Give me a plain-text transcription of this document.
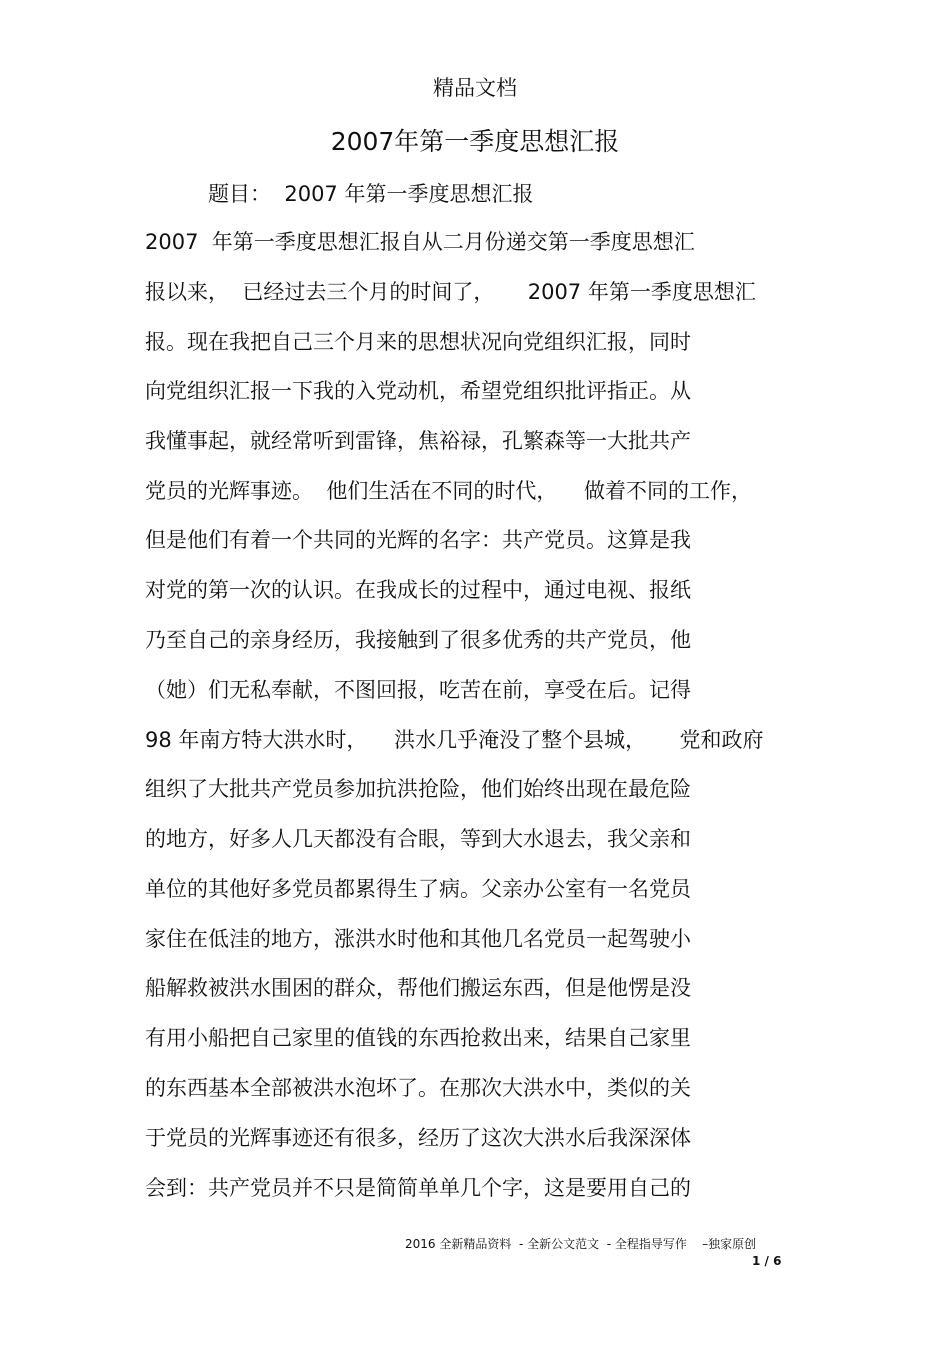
精品文档
2007年第一季度思想汇报
题目：  2007 年第一季度思想汇报
2007  年第一季度思想汇报自从二月份递交第一季度思想汇
报以来，  已经过去三个月的时间了，     2007 年第一季度思想汇
报。现在我把自己三个月来的思想状况向党组织汇报，同时
向党组织汇报一下我的入党动机，希望党组织批评指正。从
我懂事起，就经常听到雷锋，焦裕禄，孔繁森等一大批共产
党员的光辉事迹。  他们生活在不同的时代，    做着不同的工作，
但是他们有着一个共同的光辉的名字：共产党员。这算是我
对党的第一次的认识。在我成长的过程中，通过电视、报纸
乃至自己的亲身经历，我接触到了很多优秀的共产党员，他
（她）们无私奉献，不图回报，吃苦在前，享受在后。记得
98 年南方特大洪水时，    洪水几乎淹没了整个县城，     党和政府
组织了大批共产党员参加抗洪抢险，他们始终出现在最危险
的地方，好多人几天都没有合眼，等到大水退去，我父亲和
单位的其他好多党员都累得生了病。父亲办公室有一名党员
家住在低洼的地方，涨洪水时他和其他几名党员一起驾驶小
船解救被洪水围困的群众，帮他们搬运东西，但是他愣是没
有用小船把自己家里的值钱的东西抢救出来，结果自己家里
的东西基本全部被洪水泡坏了。在那次大洪水中，类似的关
于党员的光辉事迹还有很多，经历了这次大洪水后我深深体
会到：共产党员并不只是简简单单几个字，这是要用自己的
2016 全新精品资料  - 全新公文范文  - 全程指导写作    –独家原创
1 / 6
